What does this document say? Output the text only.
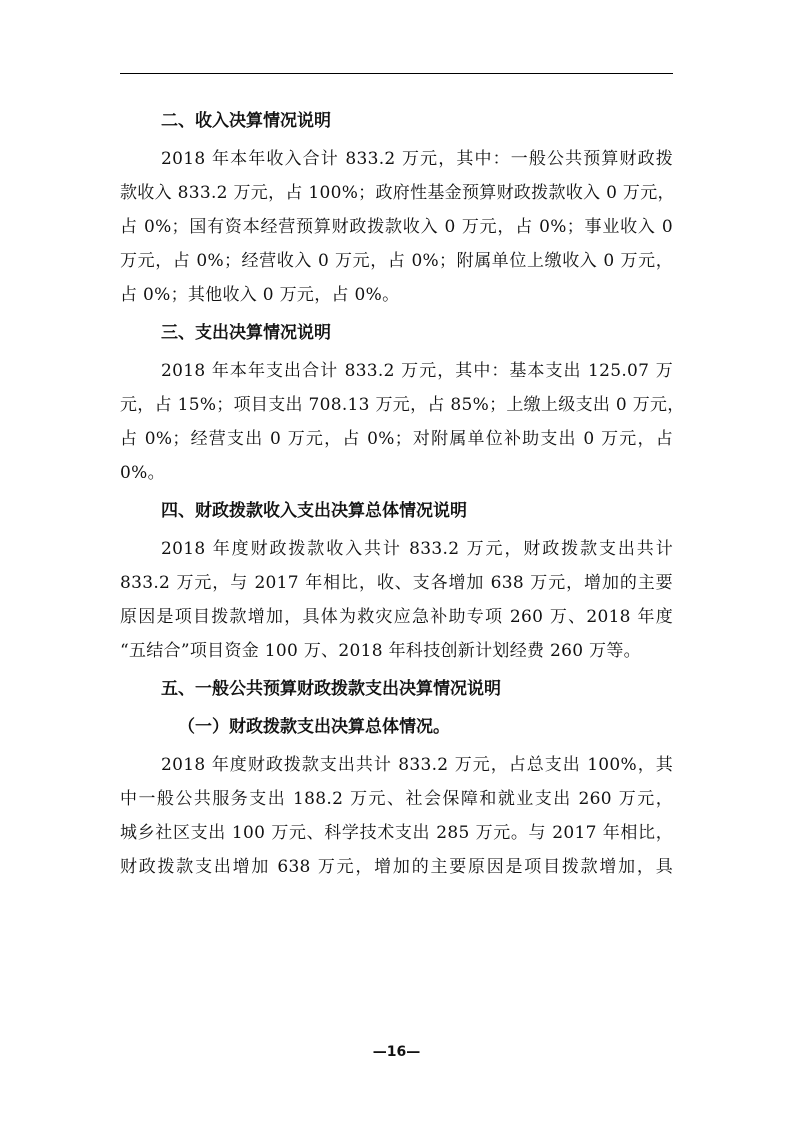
二、收入决算情况说明
2018 年本年收入合计 833.2 万元，其中：一般公共预算财政拨
款收入 833.2 万元，占 100%；政府性基金预算财政拨款收入 0 万元，
占 0%；国有资本经营预算财政拨款收入 0 万元，占 0%；事业收入 0
万元，占 0%；经营收入 0 万元，占 0%；附属单位上缴收入 0 万元，
占 0%；其他收入 0 万元，占 0%。
三、支出决算情况说明
2018 年本年支出合计 833.2 万元，其中：基本支出 125.07 万
元，占 15%；项目支出 708.13 万元，占 85%；上缴上级支出 0 万元，
占 0%；经营支出 0 万元，占 0%；对附属单位补助支出 0 万元，占
0%。
四、财政拨款收入支出决算总体情况说明
2018 年度财政拨款收入共计 833.2 万元，财政拨款支出共计
833.2 万元，与 2017 年相比，收、支各增加 638 万元，增加的主要
原因是项目拨款增加，具体为救灾应急补助专项 260 万、2018 年度
“五结合”项目资金 100 万、2018 年科技创新计划经费 260 万等。
五、一般公共预算财政拨款支出决算情况说明
（一）财政拨款支出决算总体情况。
2018 年度财政拨款支出共计 833.2 万元，占总支出 100%，其
中一般公共服务支出 188.2 万元、社会保障和就业支出 260 万元，
城乡社区支出 100 万元、科学技术支出 285 万元。与 2017 年相比，
财政拨款支出增加 638 万元，增加的主要原因是项目拨款增加，具
—16—
